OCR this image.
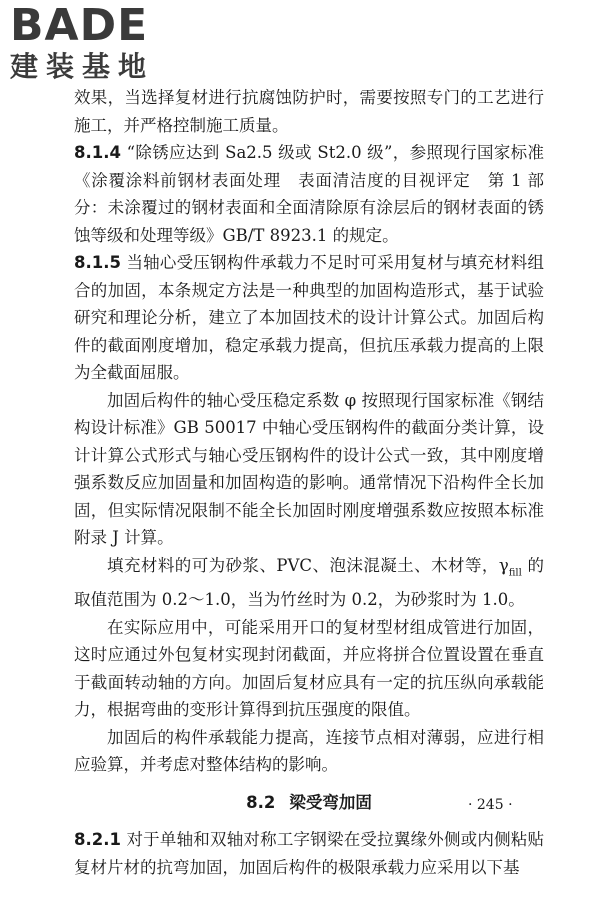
BADE
建装基地

效果，当选择复材进行抗腐蚀防护时，需要按照专门的工艺进行施工，并严格控制施工质量。

8.1.4 “除锈应达到 Sa2.5 级或 St2.0 级”，参照现行国家标准《涂覆涂料前钢材表面处理　表面清洁度的目视评定　第 1 部分：未涂覆过的钢材表面和全面清除原有涂层后的钢材表面的锈蚀等级和处理等级》GB/T 8923.1 的规定。

8.1.5 当轴心受压钢构件承载力不足时可采用复材与填充材料组合的加固，本条规定方法是一种典型的加固构造形式，基于试验研究和理论分析，建立了本加固技术的设计计算公式。加固后构件的截面刚度增加，稳定承载力提高，但抗压承载力提高的上限为全截面屈服。

加固后构件的轴心受压稳定系数 φ 按照现行国家标准《钢结构设计标准》GB 50017 中轴心受压钢构件的截面分类计算，设计计算公式形式与轴心受压钢构件的设计公式一致，其中刚度增强系数反应加固量和加固构造的影响。通常情况下沿构件全长加固，但实际情况限制不能全长加固时刚度增强系数应按照本标准附录 J 计算。

填充材料的可为砂浆、PVC、泡沫混凝土、木材等，$\gamma_{fill}$ 的取值范围为 0.2～1.0，当为竹丝时为 0.2，为砂浆时为 1.0。

在实际应用中，可能采用开口的复材型材组成管进行加固，这时应通过外包复材实现封闭截面，并应将拼合位置设置在垂直于截面转动轴的方向。加固后复材应具有一定的抗压纵向承载能力，根据弯曲的变形计算得到抗压强度的限值。

加固后的构件承载能力提高，连接节点相对薄弱，应进行相应验算，并考虑对整体结构的影响。

8.2 梁受弯加固

8.2.1 对于单轴和双轴对称工字钢梁在受拉翼缘外侧或内侧粘贴复材片材的抗弯加固，加固后构件的极限承载力应采用以下基

· 245 ·
